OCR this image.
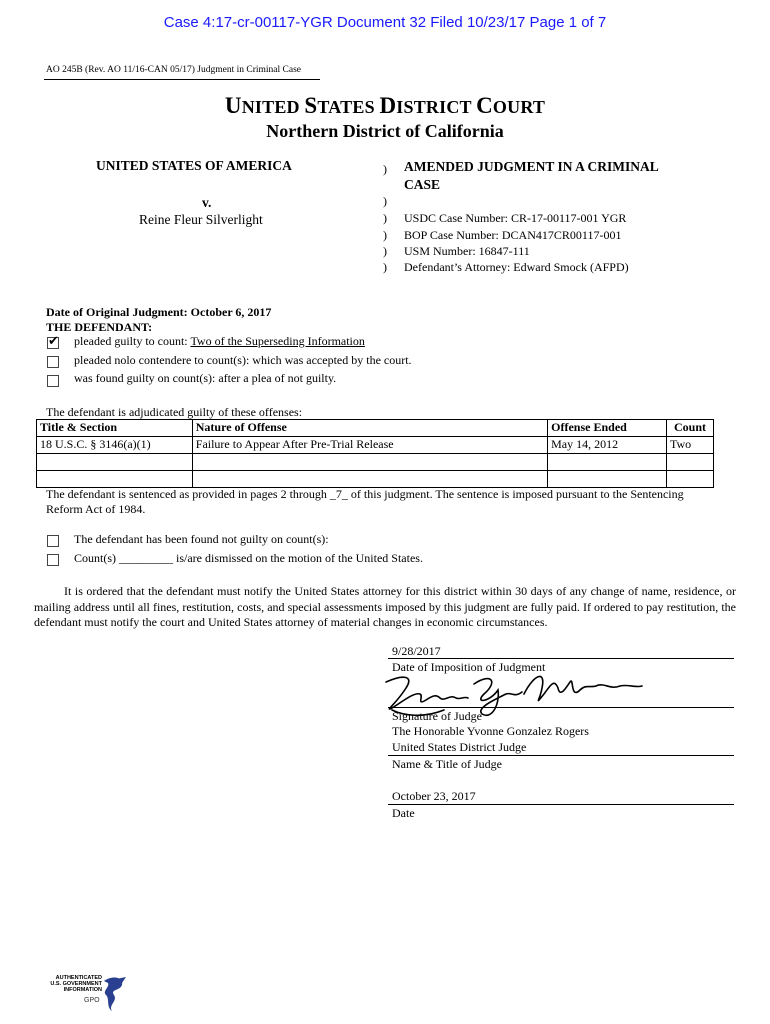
Case 4:17-cr-00117-YGR Document 32 Filed 10/23/17 Page 1 of 7
AO 245B (Rev. AO 11/16-CAN 05/17) Judgment in Criminal Case
UNITED STATES DISTRICT COURT
Northern District of California
UNITED STATES OF AMERICA
v.
Reine Fleur Silverlight
)
)
)
)
)
)
AMENDED JUDGMENT IN A CRIMINAL
CASE
USDC Case Number: CR-17-00117-001 YGR
BOP Case Number: DCAN417CR00117-001
USM Number: 16847-111
Defendant’s Attorney: Edward Smock (AFPD)
Date of Original Judgment: October 6, 2017
THE DEFENDANT:
✔ pleaded guilty to count: Two of the Superseding Information
pleaded nolo contendere to count(s): which was accepted by the court.
was found guilty on count(s): after a plea of not guilty.
The defendant is adjudicated guilty of these offenses:
Title & Section	Nature of Offense	Offense Ended	Count
18 U.S.C. § 3146(a)(1)	Failure to Appear After Pre-Trial Release	May 14, 2012	Two

The defendant is sentenced as provided in pages 2 through _7_ of this judgment. The sentence is imposed pursuant to the Sentencing
Reform Act of 1984.
The defendant has been found not guilty on count(s):
Count(s) _________ is/are dismissed on the motion of the United States.
It is ordered that the defendant must notify the United States attorney for this district within 30 days of any change of name, residence, or mailing address until all fines, restitution, costs, and special assessments imposed by this judgment are fully paid. If ordered to pay restitution, the defendant must notify the court and United States attorney of material changes in economic circumstances.
9/28/2017
Date of Imposition of Judgment
Signature of Judge
The Honorable Yvonne Gonzalez Rogers
United States District Judge
Name & Title of Judge
October 23, 2017
Date
AUTHENTICATED
U.S. GOVERNMENT
INFORMATION
GPO
